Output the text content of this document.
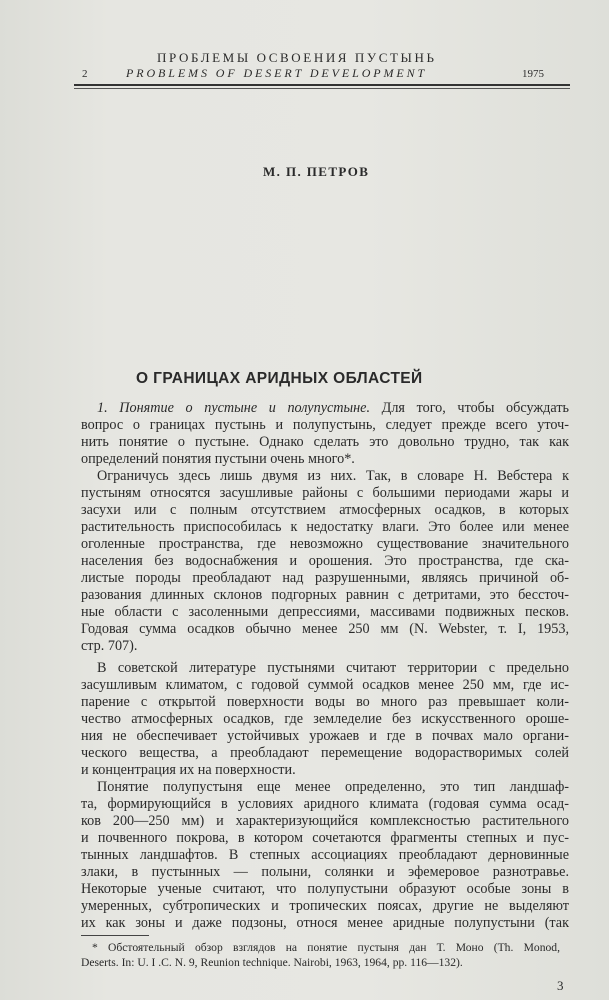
ПРОБЛЕМЫ ОСВОЕНИЯ ПУСТЫНЬ
2	PROBLEMS OF DESERT DEVELOPMENT	1975
М. П. ПЕТРОВ
О ГРАНИЦАХ АРИДНЫХ ОБЛАСТЕЙ
1. Понятие о пустыне и полупустыне. Для того, чтобы обсуждать
вопрос о границах пустынь и полупустынь, следует прежде всего уточ-
нить понятие о пустыне. Однако сделать это довольно трудно, так как
определений понятия пустыни очень много*.
Ограничусь здесь лишь двумя из них. Так, в словаре Н. Вебстера к
пустыням относятся засушливые районы с большими периодами жары и
засухи или с полным отсутствием атмосферных осадков, в которых
растительность приспособилась к недостатку влаги. Это более или менее
оголенные пространства, где невозможно существование значительного
населения без водоснабжения и орошения. Это пространства, где ска-
листые породы преобладают над разрушенными, являясь причиной об-
разования длинных склонов подгорных равнин с детритами, это бессточ-
ные области с засоленными депрессиями, массивами подвижных песков.
Годовая сумма осадков обычно менее 250 мм (N. Webster, т. I, 1953,
стр. 707).
В советской литературе пустынями считают территории с предельно
засушливым климатом, с годовой суммой осадков менее 250 мм, где ис-
парение с открытой поверхности воды во много раз превышает коли-
чество атмосферных осадков, где земледелие без искусственного ороше-
ния не обеспечивает устойчивых урожаев и где в почвах мало органи-
ческого вещества, а преобладают перемещение водорастворимых солей
и концентрация их на поверхности.
Понятие полупустыня еще менее определенно, это тип ландшаф-
та, формирующийся в условиях аридного климата (годовая сумма осад-
ков 200—250 мм) и характеризующийся комплексностью растительного
и почвенного покрова, в котором сочетаются фрагменты степных и пус-
тынных ландшафтов. В степных ассоциациях преобладают дерновинные
злаки, в пустынных — полыни, солянки и эфемеровое разнотравье.
Некоторые ученые считают, что полупустыни образуют особые зоны в
умеренных, субтропических и тропических поясах, другие не выделяют
их как зоны и даже подзоны, относя менее аридные полупустыни (так
* Обстоятельный обзор взглядов на понятие пустыня дан Т. Моно (Th. Monod,
Deserts. In: U. I .C. N. 9, Reunion technique. Nairobi, 1963, 1964, pp. 116—132).
3
